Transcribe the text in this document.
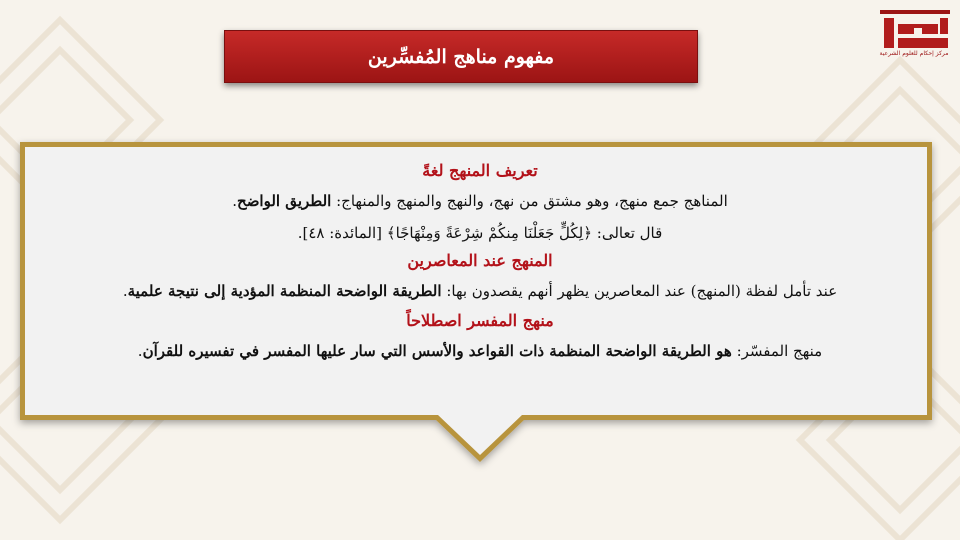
مفهوم مناهج المُفسِّرين	مركز إحكام للعلوم الشرعية

تعريف المنهج لغةً

المناهج جمع منهج، وهو مشتق من نهج، والنهج والمنهج والمنهاج: الطريق الواضح.

قال تعالى: ﴿لِكُلٍّ جَعَلْنَا مِنكُمْ شِرْعَةً وَمِنْهَاجًا﴾ [المائدة: ٤٨].

المنهج عند المعاصرين

عند تأمل لفظة (المنهج) عند المعاصرين يظهر أنهم يقصدون بها: الطريقة الواضحة المنظمة المؤدية إلى نتيجة علمية.

منهج المفسر اصطلاحاً

منهج المفسّر: هو الطريقة الواضحة المنظمة ذات القواعد والأسس التي سار عليها المفسر في تفسيره للقرآن.
